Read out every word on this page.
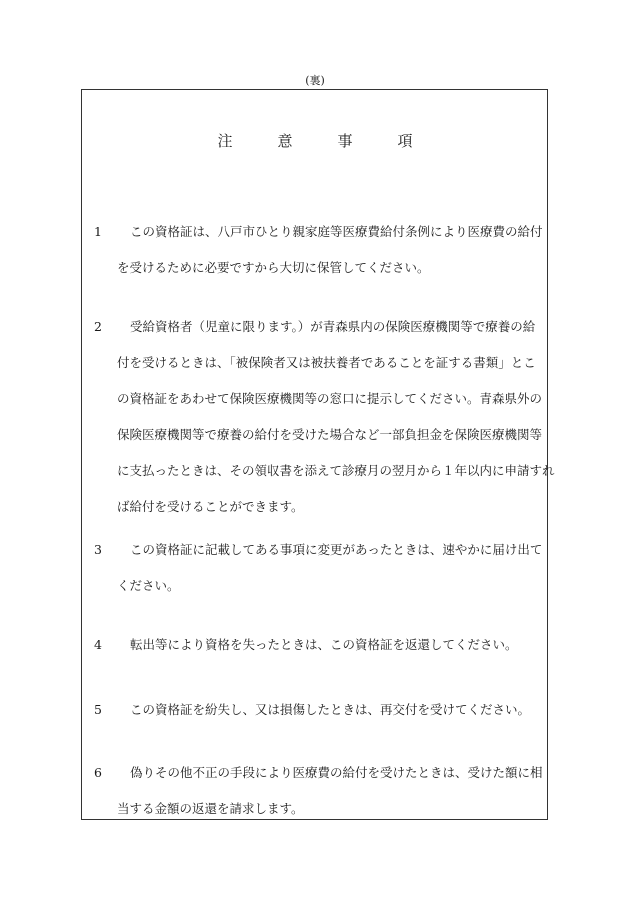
(裏)
注	意	事	項
1	この資格証は、八戸市ひとり親家庭等医療費給付条例により医療費の給付
を受けるために必要ですから大切に保管してください。
2	受給資格者（児童に限ります。）が青森県内の保険医療機関等で療養の給
付を受けるときは、「被保険者又は被扶養者であることを証する書類」とこ
の資格証をあわせて保険医療機関等の窓口に提示してください。青森県外の
保険医療機関等で療養の給付を受けた場合など一部負担金を保険医療機関等
に支払ったときは、その領収書を添えて診療月の翌月から１年以内に申請すれ
ば給付を受けることができます。
3	この資格証に記載してある事項に変更があったときは、速やかに届け出て
ください。
4	転出等により資格を失ったときは、この資格証を返還してください。
5	この資格証を紛失し、又は損傷したときは、再交付を受けてください。
6	偽りその他不正の手段により医療費の給付を受けたときは、受けた額に相
当する金額の返還を請求します。
